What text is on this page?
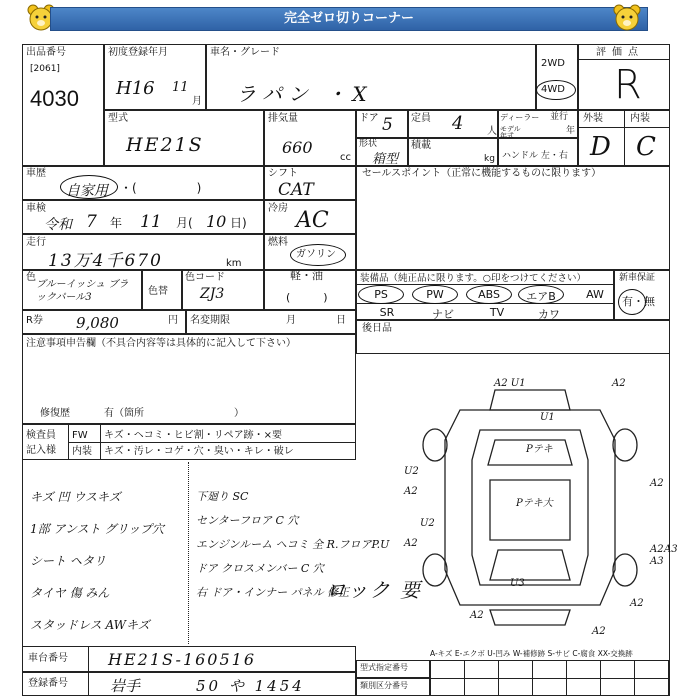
完全ゼロ切りコーナー
出品番号
[2061]
4030
初度登録年月
H16 11
月
車名・グレード
ラパン ・X
2WD
4WD
評価点
R
型式
HE21S
排気量
660
cc
ドア 5 定員 4 人
ディーラー 並行
モデル
年式	年
形状
箱型
積載
kg ハンドル 左・右
外装	内装
D C
車歴
自家用 ・(　　　　　)
シフト
CAT
車検
令和 7 年 11 月( 10 日)
冷房 AC
走行
13万4千670	km
燃料
ガソリン
軽・油
色
ブルーイッシュ ブラックパール3
色替
色コード
ZJ3	(　　　)
セールスポイント（正常に機能するものに限ります）
装備品（純正品に限ります。○印をつけてください）
PS	PW	ABS	エアB	AW
SR	ナビ	TV	カワ
新車保証
有・無
R券 9,080	円 名変期限	月	日
後日品
注意事項申告欄（不具合内容等は具体的に記入して下さい）
修復歴	有（箇所　　　　　　　　　）
検査員
記入様
FW キズ・ヘコミ・ヒビ割・リペア跡・×要
内装 キズ・汚レ・コゲ・穴・臭い・キレ・破レ
キズ 凹 ウスキズ
1部 アンスト グリップ穴
シート ヘタリ
タイヤ 傷 みん
スタッドレス AWキズ
下廻り SC
センターフロア C 穴
エンジンルーム ヘコミ 全 R.フロアP.U
ドア クロスメンバー C 穴
右 ドア・インナー パネル 修正
ロック 要
A2 U1	A2
U1
Pテキ
Pテキ大
U2
A2
U2
A2
A2
A2
A3
A3
U3
A2
A2
A2
A-キズ E-エクボ U-凹み W-補修跡 S-サビ C-腐食 XX-交換跡
車台番号	HE21S-160516
登録番号	岩手	50 や 1454
型式指定番号
類別区分番号
